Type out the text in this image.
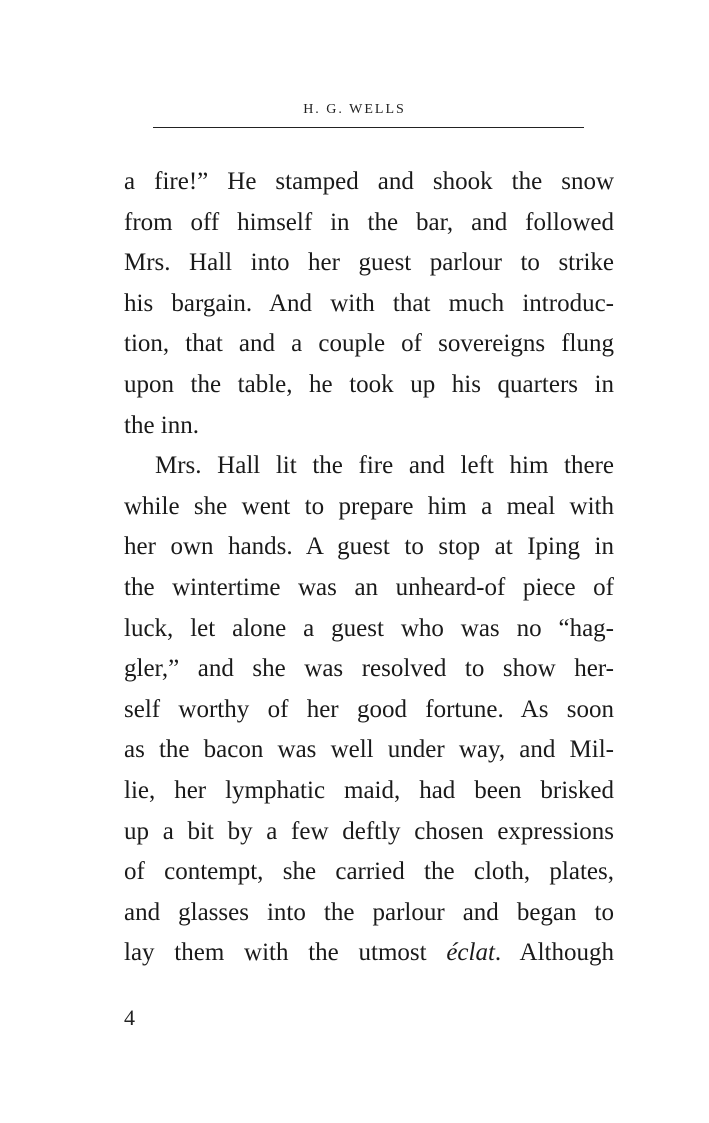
H. G. WELLS
a fire!” He stamped and shook the snow
from off himself in the bar, and followed
Mrs. Hall into her guest parlour to strike
his bargain. And with that much introduc-
tion, that and a couple of sovereigns flung
upon the table, he took up his quarters in
the inn.
Mrs. Hall lit the fire and left him there
while she went to prepare him a meal with
her own hands. A guest to stop at Iping in
the wintertime was an unheard-of piece of
luck, let alone a guest who was no “hag-
gler,” and she was resolved to show her-
self worthy of her good fortune. As soon
as the bacon was well under way, and Mil-
lie, her lymphatic maid, had been brisked
up a bit by a few deftly chosen expressions
of contempt, she carried the cloth, plates,
and glasses into the parlour and began to
lay them with the utmost éclat. Although
4
